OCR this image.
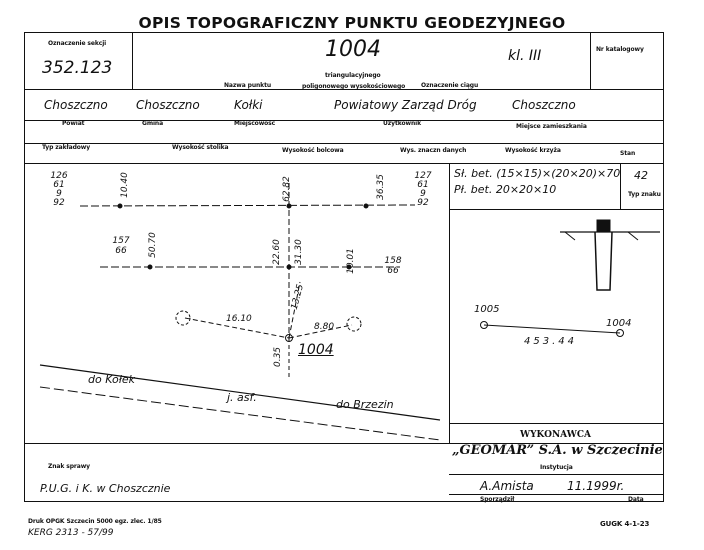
OPIS TOPOGRAFICZNY PUNKTU GEODEZYJNEGO
Oznaczenie sekcji
352.123
1004	kl. III	Nr katalogowy
Nazwa punktu
triangulacyjnego
poligonowego wysokościowego	Oznaczenie ciągu
Choszczno Choszczno	Kołki	Powiatowy Zarząd Dróg	Choszczno
Powiat	Gmina	Miejscowość	Użytkownik	Miejsce zamieszkania
Typ zakładowy	Wysokość stolika	Wysokość bolcowa	Wys. znaczn danych	Wysokość krzyża	Stan
Sł. bet. (15×15)×(20×20)×70
Pł. bet. 20×20×10
42
Typ znaku
126
61
9
92
10.40	62.82	36.35	127
61
9
92
157
66	50.70	22.60 31.30	10.01	158
66
13.25
16.10
8.80
0.35 1004
do Kołek
j. asf.
do Brzezin
1005
1004
453.44
WYKONAWCA
„GEOMAR” S.A. w Szczecinie
Instytucja
A.Amista	11.1999r.
Sporządził	Data
Znak sprawy
P.U.G. i K. w Choszcznie
Druk OPGK Szczecin 5000 egz. zlec. 1/85
KERG 2313 - 57/99
GUGK 4-1-23
